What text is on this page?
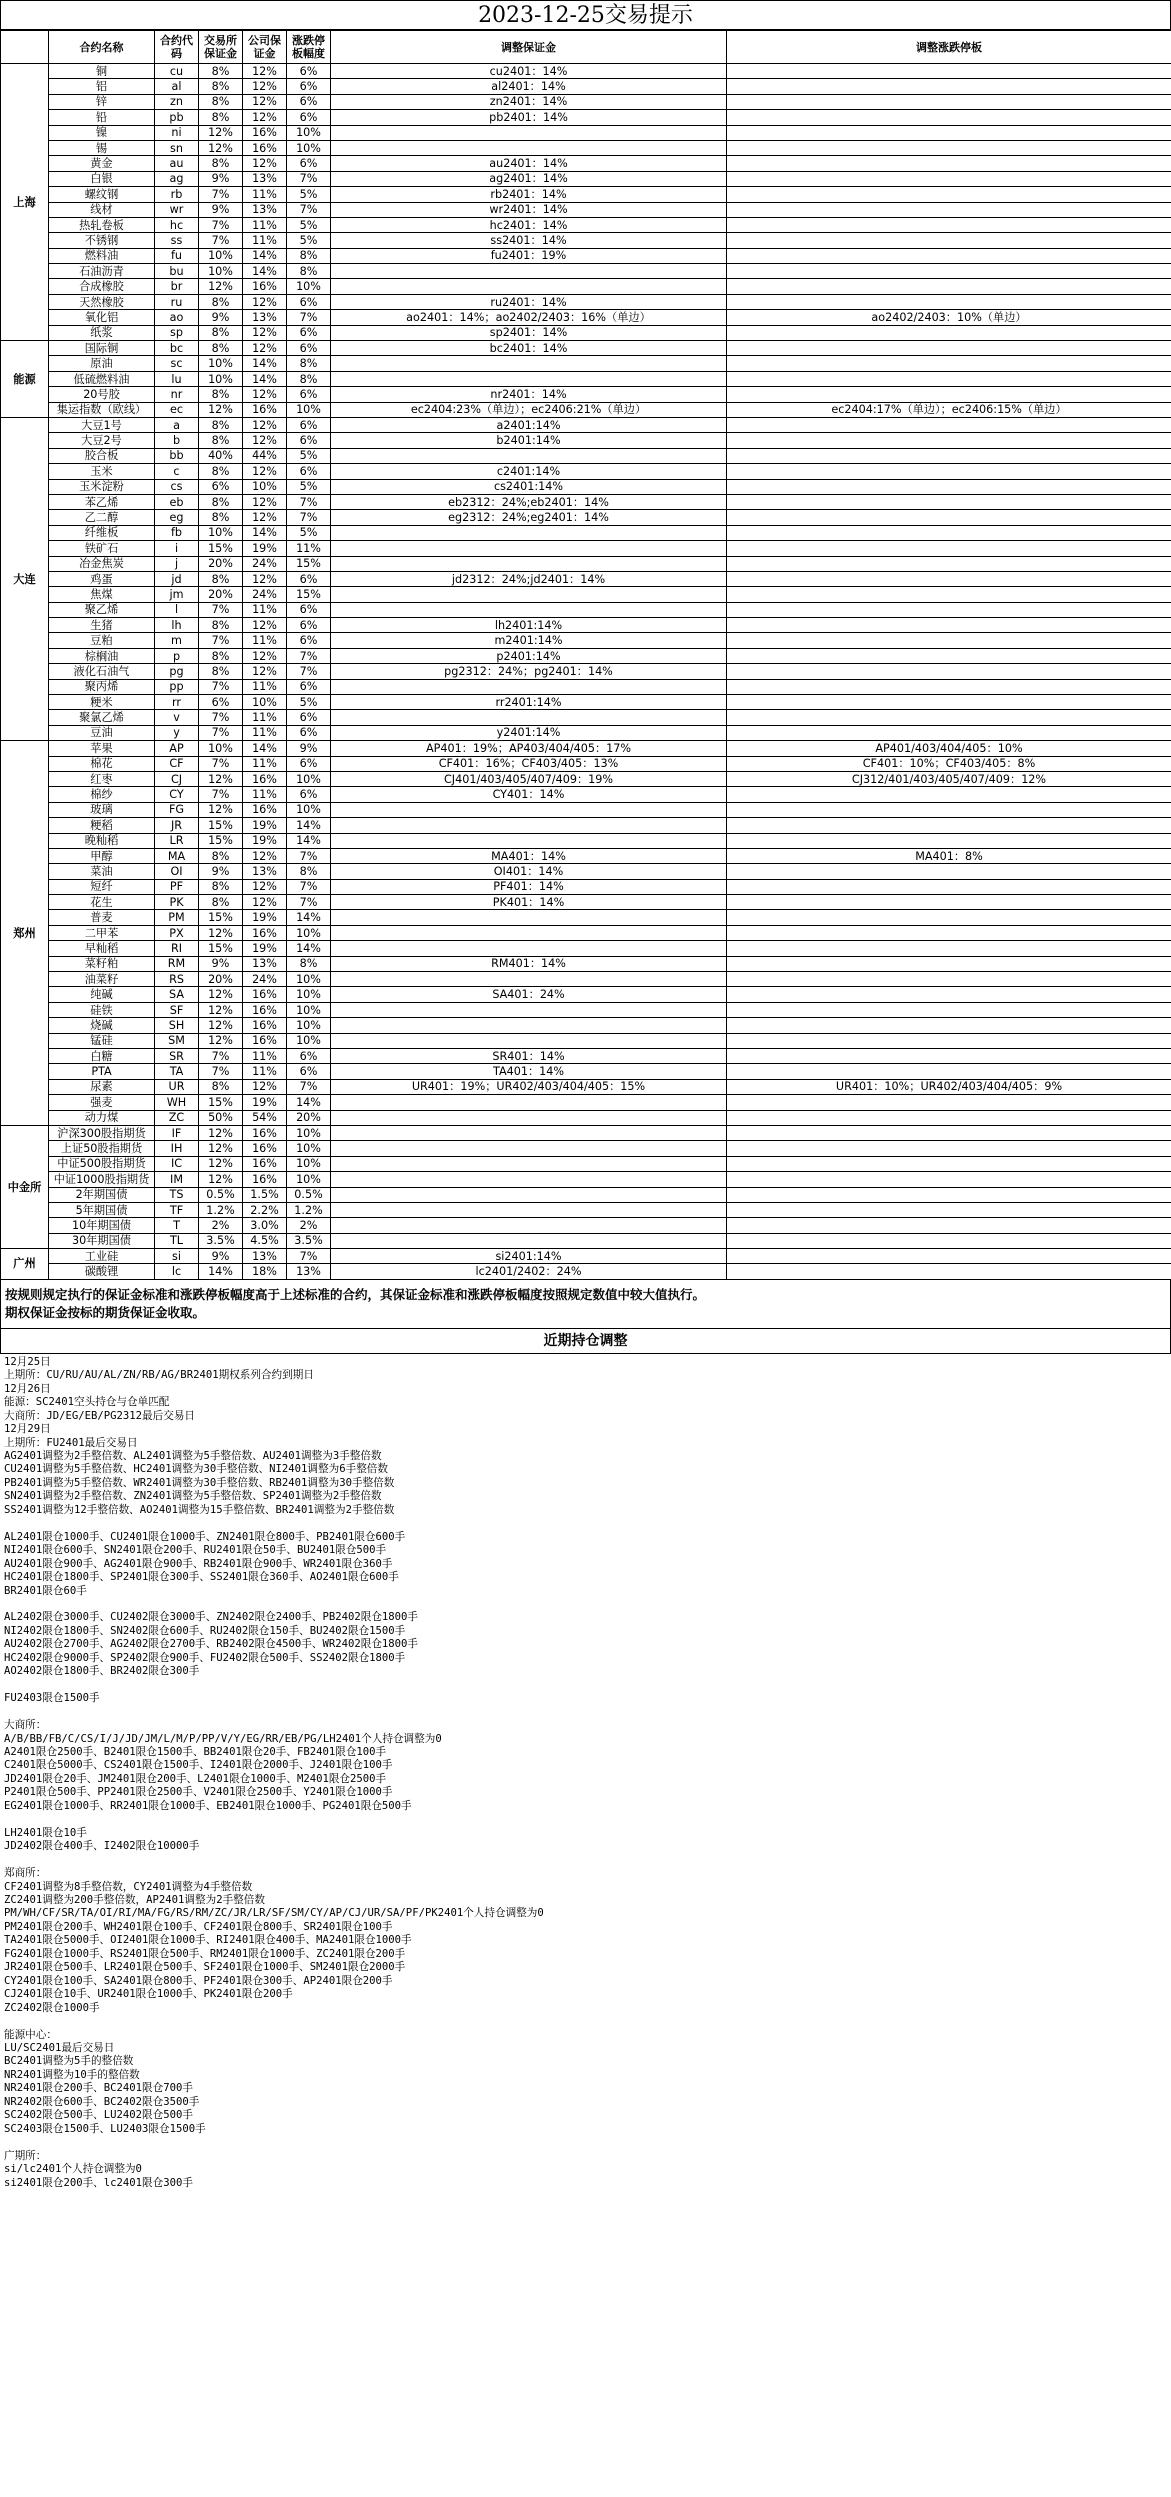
2023-12-25交易提示
	合约名称	合约代码	交易所保证金	公司保证金	涨跌停板幅度	调整保证金	调整涨跌停板
上海	铜	cu	8%	12%	6%	cu2401：14%	
	铝	al	8%	12%	6%	al2401：14%	
	锌	zn	8%	12%	6%	zn2401：14%	
	铅	pb	8%	12%	6%	pb2401：14%	
	镍	ni	12%	16%	10%		
	锡	sn	12%	16%	10%		
	黄金	au	8%	12%	6%	au2401：14%	
	白银	ag	9%	13%	7%	ag2401：14%	
	螺纹钢	rb	7%	11%	5%	rb2401：14%	
	线材	wr	9%	13%	7%	wr2401：14%	
	热轧卷板	hc	7%	11%	5%	hc2401：14%	
	不锈钢	ss	7%	11%	5%	ss2401：14%	
	燃料油	fu	10%	14%	8%	fu2401：19%	
	石油沥青	bu	10%	14%	8%		
	合成橡胶	br	12%	16%	10%		
	天然橡胶	ru	8%	12%	6%	ru2401：14%	
	氧化铝	ao	9%	13%	7%	ao2401：14%；ao2402/2403：16%（单边）	ao2402/2403：10%（单边）
	纸浆	sp	8%	12%	6%	sp2401：14%	
能源	国际铜	bc	8%	12%	6%	bc2401：14%	
	原油	sc	10%	14%	8%		
	低硫燃料油	lu	10%	14%	8%		
	20号胶	nr	8%	12%	6%	nr2401：14%	
	集运指数（欧线）	ec	12%	16%	10%	ec2404:23%（单边）；ec2406:21%（单边）	ec2404:17%（单边）；ec2406:15%（单边）
大连	大豆1号	a	8%	12%	6%	a2401:14%	
	大豆2号	b	8%	12%	6%	b2401:14%	
	胶合板	bb	40%	44%	5%		
	玉米	c	8%	12%	6%	c2401:14%	
	玉米淀粉	cs	6%	10%	5%	cs2401:14%	
	苯乙烯	eb	8%	12%	7%	eb2312：24%;eb2401：14%	
	乙二醇	eg	8%	12%	7%	eg2312：24%;eg2401：14%	
	纤维板	fb	10%	14%	5%		
	铁矿石	i	15%	19%	11%		
	冶金焦炭	j	20%	24%	15%		
	鸡蛋	jd	8%	12%	6%	jd2312：24%;jd2401：14%	
	焦煤	jm	20%	24%	15%		
	聚乙烯	l	7%	11%	6%		
	生猪	lh	8%	12%	6%	lh2401:14%	
	豆粕	m	7%	11%	6%	m2401:14%	
	棕榈油	p	8%	12%	7%	p2401:14%	
	液化石油气	pg	8%	12%	7%	pg2312：24%；pg2401：14%	
	聚丙烯	pp	7%	11%	6%		
	粳米	rr	6%	10%	5%	rr2401:14%	
	聚氯乙烯	v	7%	11%	6%		
	豆油	y	7%	11%	6%	y2401:14%	
郑州	苹果	AP	10%	14%	9%	AP401：19%；AP403/404/405：17%	AP401/403/404/405：10%
	棉花	CF	7%	11%	6%	CF401：16%；CF403/405：13%	CF401：10%；CF403/405：8%
	红枣	CJ	12%	16%	10%	CJ401/403/405/407/409：19%	CJ312/401/403/405/407/409：12%
	棉纱	CY	7%	11%	6%	CY401：14%	
	玻璃	FG	12%	16%	10%		
	粳稻	JR	15%	19%	14%		
	晚籼稻	LR	15%	19%	14%		
	甲醇	MA	8%	12%	7%	MA401：14%	MA401：8%
	菜油	OI	9%	13%	8%	OI401：14%	
	短纤	PF	8%	12%	7%	PF401：14%	
	花生	PK	8%	12%	7%	PK401：14%	
	普麦	PM	15%	19%	14%		
	二甲苯	PX	12%	16%	10%		
	早籼稻	RI	15%	19%	14%		
	菜籽粕	RM	9%	13%	8%	RM401：14%	
	油菜籽	RS	20%	24%	10%		
	纯碱	SA	12%	16%	10%	SA401：24%	
	硅铁	SF	12%	16%	10%		
	烧碱	SH	12%	16%	10%		
	锰硅	SM	12%	16%	10%		
	白糖	SR	7%	11%	6%	SR401：14%	
	PTA	TA	7%	11%	6%	TA401：14%	
	尿素	UR	8%	12%	7%	UR401：19%；UR402/403/404/405：15%	UR401：10%；UR402/403/404/405：9%
	强麦	WH	15%	19%	14%		
	动力煤	ZC	50%	54%	20%		
中金所	沪深300股指期货	IF	12%	16%	10%		
	上证50股指期货	IH	12%	16%	10%		
	中证500股指期货	IC	12%	16%	10%		
	中证1000股指期货	IM	12%	16%	10%		
	2年期国债	TS	0.5%	1.5%	0.5%		
	5年期国债	TF	1.2%	2.2%	1.2%		
	10年期国债	T	2%	3.0%	2%		
	30年期国债	TL	3.5%	4.5%	3.5%		
广州	工业硅	si	9%	13%	7%	si2401:14%	
	碳酸锂	lc	14%	18%	13%	lc2401/2402：24%	
按规则规定执行的保证金标准和涨跌停板幅度高于上述标准的合约，其保证金标准和涨跌停板幅度按照规定数值中较大值执行。
期权保证金按标的期货保证金收取。
近期持仓调整
12月25日
上期所：CU/RU/AU/AL/ZN/RB/AG/BR2401期权系列合约到期日
12月26日
能源：SC2401空头持仓与仓单匹配
大商所：JD/EG/EB/PG2312最后交易日
12月29日
上期所：FU2401最后交易日
AG2401调整为2手整倍数、AL2401调整为5手整倍数、AU2401调整为3手整倍数
CU2401调整为5手整倍数、HC2401调整为30手整倍数、NI2401调整为6手整倍数
PB2401调整为5手整倍数、WR2401调整为30手整倍数、RB2401调整为30手整倍数
SN2401调整为2手整倍数、ZN2401调整为5手整倍数、SP2401调整为2手整倍数
SS2401调整为12手整倍数、AO2401调整为15手整倍数、BR2401调整为2手整倍数

AL2401限仓1000手、CU2401限仓1000手、ZN2401限仓800手、PB2401限仓600手
NI2401限仓600手、SN2401限仓200手、RU2401限仓50手、BU2401限仓500手
AU2401限仓900手、AG2401限仓900手、RB2401限仓900手、WR2401限仓360手
HC2401限仓1800手、SP2401限仓300手、SS2401限仓360手、AO2401限仓600手
BR2401限仓60手

AL2402限仓3000手、CU2402限仓3000手、ZN2402限仓2400手、PB2402限仓1800手
NI2402限仓1800手、SN2402限仓600手、RU2402限仓150手、BU2402限仓1500手
AU2402限仓2700手、AG2402限仓2700手、RB2402限仓4500手、WR2402限仓1800手
HC2402限仓9000手、SP2402限仓900手、FU2402限仓500手、SS2402限仓1800手
AO2402限仓1800手、BR2402限仓300手

FU2403限仓1500手

大商所：
A/B/BB/FB/C/CS/I/J/JD/JM/L/M/P/PP/V/Y/EG/RR/EB/PG/LH2401个人持仓调整为0
A2401限仓2500手、B2401限仓1500手、BB2401限仓20手、FB2401限仓100手
C2401限仓5000手、CS2401限仓1500手、I2401限仓2000手、J2401限仓100手
JD2401限仓20手、JM2401限仓200手、L2401限仓1000手、M2401限仓2500手
P2401限仓500手、PP2401限仓2500手、V2401限仓2500手、Y2401限仓1000手
EG2401限仓1000手、RR2401限仓1000手、EB2401限仓1000手、PG2401限仓500手

LH2401限仓10手
JD2402限仓400手、I2402限仓10000手

郑商所：
CF2401调整为8手整倍数，CY2401调整为4手整倍数
ZC2401调整为200手整倍数，AP2401调整为2手整倍数
PM/WH/CF/SR/TA/OI/RI/MA/FG/RS/RM/ZC/JR/LR/SF/SM/CY/AP/CJ/UR/SA/PF/PK2401个人持仓调整为0
PM2401限仓200手、WH2401限仓100手、CF2401限仓800手、SR2401限仓100手
TA2401限仓5000手、OI2401限仓1000手、RI2401限仓400手、MA2401限仓1000手
FG2401限仓1000手、RS2401限仓500手、RM2401限仓1000手、ZC2401限仓200手
JR2401限仓500手、LR2401限仓500手、SF2401限仓1000手、SM2401限仓2000手
CY2401限仓100手、SA2401限仓800手、PF2401限仓300手、AP2401限仓200手
CJ2401限仓10手、UR2401限仓1000手、PK2401限仓200手
ZC2402限仓1000手

能源中心：
LU/SC2401最后交易日
BC2401调整为5手的整倍数
NR2401调整为10手的整倍数
NR2401限仓200手、BC2401限仓700手
NR2402限仓600手、BC2402限仓3500手
SC2402限仓500手、LU2402限仓500手
SC2403限仓1500手、LU2403限仓1500手

广期所：
si/lc2401个人持仓调整为0
si2401限仓200手、lc2401限仓300手
